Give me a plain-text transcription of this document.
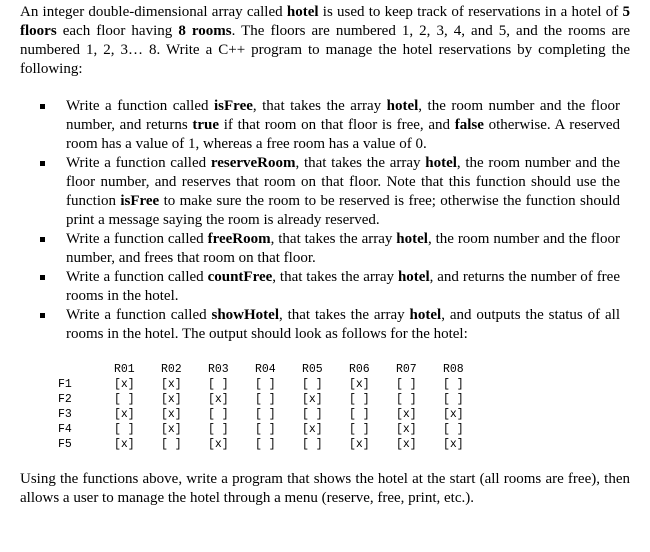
An integer double-dimensional array called hotel is used to keep track of reservations in a hotel of 5 floors each floor having 8 rooms. The floors are numbered 1, 2, 3, 4, and 5, and the rooms are numbered 1, 2, 3… 8. Write a C++ program to manage the hotel reservations by completing the following:
Write a function called isFree, that takes the array hotel, the room number and the floor number, and returns true if that room on that floor is free, and false otherwise. A reserved room has a value of 1, whereas a free room has a value of 0.
Write a function called reserveRoom, that takes the array hotel, the room number and the floor number, and reserves that room on that floor. Note that this function should use the function isFree to make sure the room to be reserved is free; otherwise the function should print a message saying the room is already reserved.
Write a function called freeRoom, that takes the array hotel, the room number and the floor number, and frees that room on that floor.
Write a function called countFree, that takes the array hotel, and returns the number of free rooms in the hotel.
Write a function called showHotel, that takes the array hotel, and outputs the status of all rooms in the hotel. The output should look as follows for the hotel:
	R01	R02	R03	R04	R05	R06	R07	R08
F1	[x]	[x]	[ ]	[ ]	[ ]	[x]	[ ]	[ ]
F2	[ ]	[x]	[x]	[ ]	[x]	[ ]	[ ]	[ ]
F3	[x]	[x]	[ ]	[ ]	[ ]	[ ]	[x]	[x]
F4	[ ]	[x]	[ ]	[ ]	[x]	[ ]	[x]	[ ]
F5	[x]	[ ]	[x]	[ ]	[ ]	[x]	[x]	[x]
Using the functions above, write a program that shows the hotel at the start (all rooms are free), then allows a user to manage the hotel through a menu (reserve, free, print, etc.).
